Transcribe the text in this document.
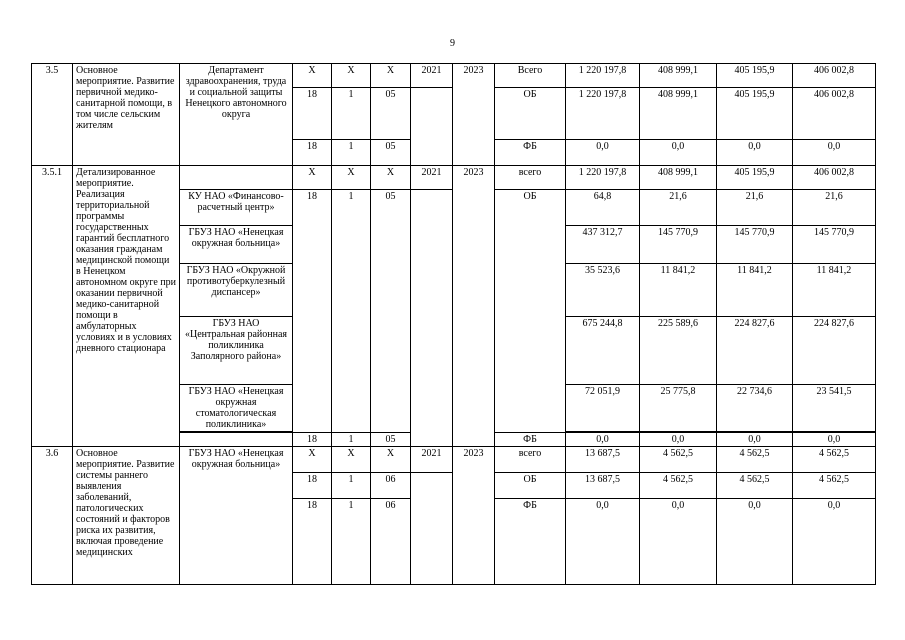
9
3.5	Основное мероприятие. Развитие первичной медико-санитарной помощи, в том числе сельским жителям	Департамент здравоохранения, труда и социальной защиты Ненецкого автономного округа	Х	Х	Х	2021	2023	Всего	1 220 197,8	408 999,1	405 195,9	406 002,8
			18	1	05			ОБ	1 220 197,8	408 999,1	405 195,9	406 002,8
			18	1	05			ФБ	0,0	0,0	0,0	0,0
3.5.1	Детализированное мероприятие. Реализация территориальной программы государственных гарантий бесплатного оказания гражданам медицинской помощи в Ненецком автономном округе при оказании первичной медико-санитарной помощи в амбулаторных условиях и в условиях дневного стационара		Х	Х	Х	2021	2023	всего	1 220 197,8	408 999,1	405 195,9	406 002,8
		КУ НАО «Финансово-расчетный центр»	18	1	05			ОБ	64,8	21,6	21,6	21,6
		ГБУЗ НАО «Ненецкая окружная больница»							437 312,7	145 770,9	145 770,9	145 770,9
		ГБУЗ НАО «Окружной противотуберкулезный диспансер»							35 523,6	11 841,2	11 841,2	11 841,2
		ГБУЗ НАО «Центральная районная поликлиника Заполярного района»							675 244,8	225 589,6	224 827,6	224 827,6
		ГБУЗ НАО «Ненецкая окружная стоматологическая поликлиника»							72 051,9	25 775,8	22 734,6	23 541,5

			18	1	05			ФБ	0,0	0,0	0,0	0,0
3.6	Основное мероприятие. Развитие системы раннего выявления заболеваний, патологических состояний и факторов риска их развития, включая проведение медицинских	ГБУЗ НАО «Ненецкая окружная больница»	Х	Х	Х	2021	2023	всего	13 687,5	4 562,5	4 562,5	4 562,5
			18	1	06			ОБ	13 687,5	4 562,5	4 562,5	4 562,5
			18	1	06			ФБ	0,0	0,0	0,0	0,0
